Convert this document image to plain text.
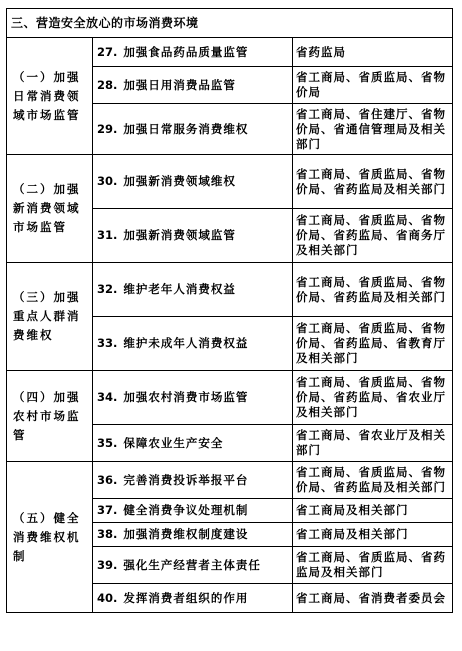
三、营造安全放心的市场消费环境		
（一）加强日常消费领域市场监管	27. 加强食品药品质量监管	省药监局
	28. 加强日用消费品监管	省工商局、省质监局、省物价局
	29. 加强日常服务消费维权	省工商局、省住建厅、省物价局、省通信管理局及相关部门
（二）加强新消费领域市场监管	30. 加强新消费领域维权	省工商局、省质监局、省物价局、省药监局及相关部门
	31. 加强新消费领域监管	省工商局、省质监局、省物价局、省药监局、省商务厅及相关部门
（三）加强重点人群消费维权	32. 维护老年人消费权益	省工商局、省质监局、省物价局、省药监局及相关部门
	33. 维护未成年人消费权益	省工商局、省质监局、省物价局、省药监局、省教育厅及相关部门
（四）加强农村市场监管	34. 加强农村消费市场监管	省工商局、省质监局、省物价局、省药监局、省农业厅及相关部门
	35. 保障农业生产安全	省工商局、省农业厅及相关部门
（五）健全消费维权机制	36. 完善消费投诉举报平台	省工商局、省质监局、省物价局、省药监局及相关部门
	37. 健全消费争议处理机制	省工商局及相关部门
	38. 加强消费维权制度建设	省工商局及相关部门
	39. 强化生产经营者主体责任	省工商局、省质监局、省药监局及相关部门
	40. 发挥消费者组织的作用	省工商局、省消费者委员会
